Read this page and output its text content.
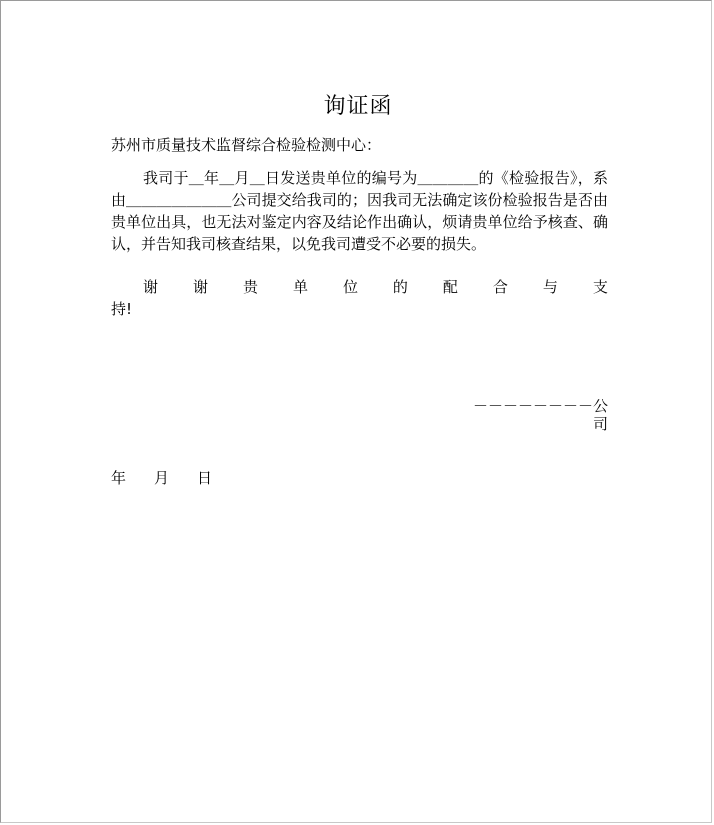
询证函
苏州市质量技术监督综合检验检测中心：
我司于＿年＿月＿日发送贵单位的编号为＿＿＿＿的《检验报告》，系由＿＿＿＿＿＿＿公司提交给我司的；因我司无法确定该份检验报告是否由贵单位出具，也无法对鉴定内容及结论作出确认，烦请贵单位给予核查、确认，并告知我司核查结果，以免我司遭受不必要的损失。
谢 谢 贵 单 位 的 配 合 与 支
持!
－－－－－－－－公
司
年 月 日
